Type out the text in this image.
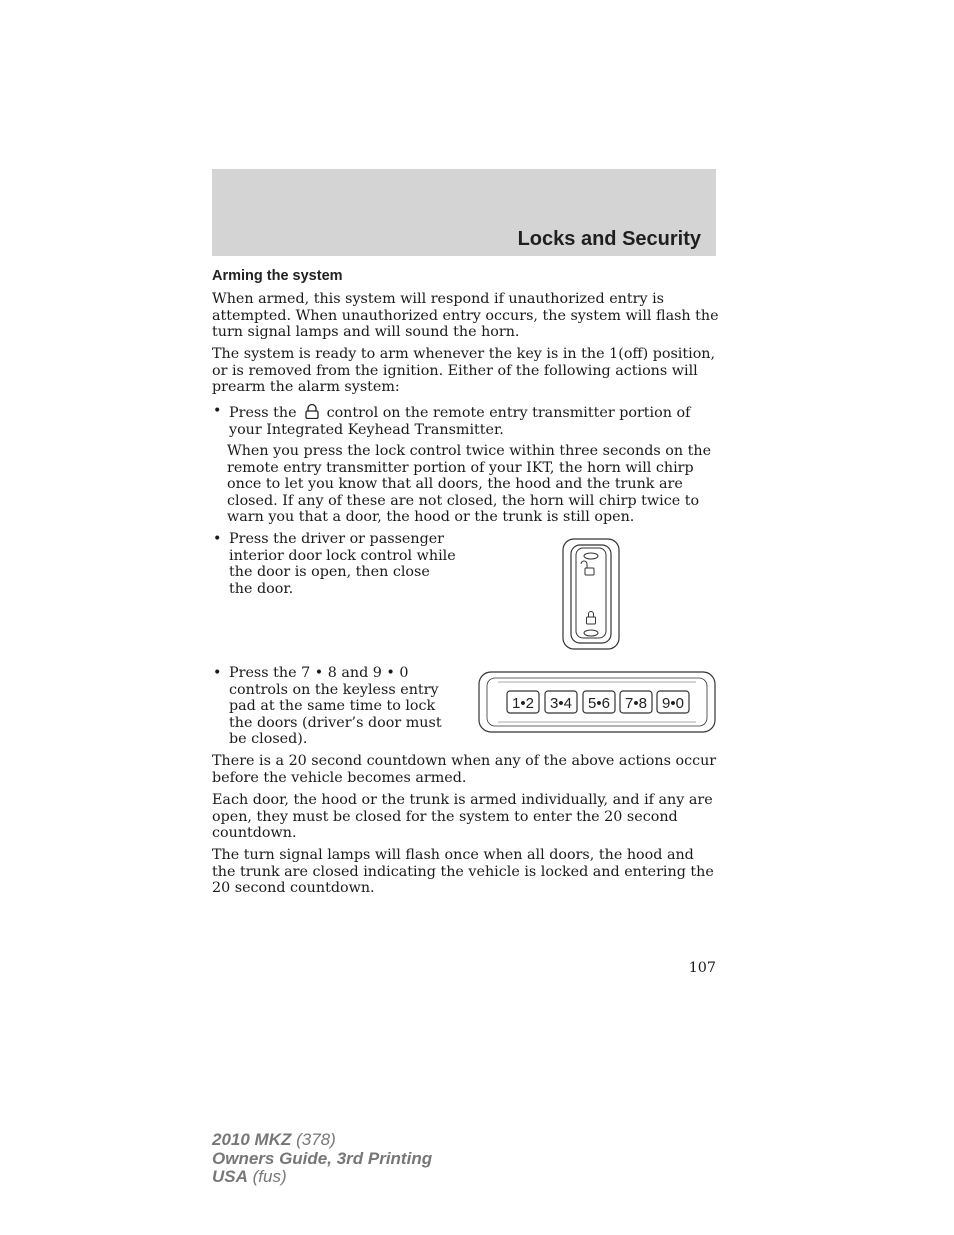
Locks and Security
Arming the system

When armed, this system will respond if unauthorized entry is attempted. When unauthorized entry occurs, the system will flash the turn signal lamps and will sound the horn.

The system is ready to arm whenever the key is in the 1(off) position, or is removed from the ignition. Either of the following actions will prearm the alarm system:

• Press the control on the remote entry transmitter portion of your Integrated Keyhead Transmitter.

When you press the lock control twice within three seconds on the remote entry transmitter portion of your IKT, the horn will chirp once to let you know that all doors, the hood and the trunk are closed. If any of these are not closed, the horn will chirp twice to warn you that a door, the hood or the trunk is still open.

• Press the driver or passenger interior door lock control while the door is open, then close the door.

• Press the 7 • 8 and 9 • 0 controls on the keyless entry pad at the same time to lock the doors (driver’s door must be closed).

1•2 3•4 5•6 7•8 9•0

There is a 20 second countdown when any of the above actions occur before the vehicle becomes armed.

Each door, the hood or the trunk is armed individually, and if any are open, they must be closed for the system to enter the 20 second countdown.

The turn signal lamps will flash once when all doors, the hood and the trunk are closed indicating the vehicle is locked and entering the 20 second countdown.

107
2010 MKZ (378)
Owners Guide, 3rd Printing
USA (fus)
